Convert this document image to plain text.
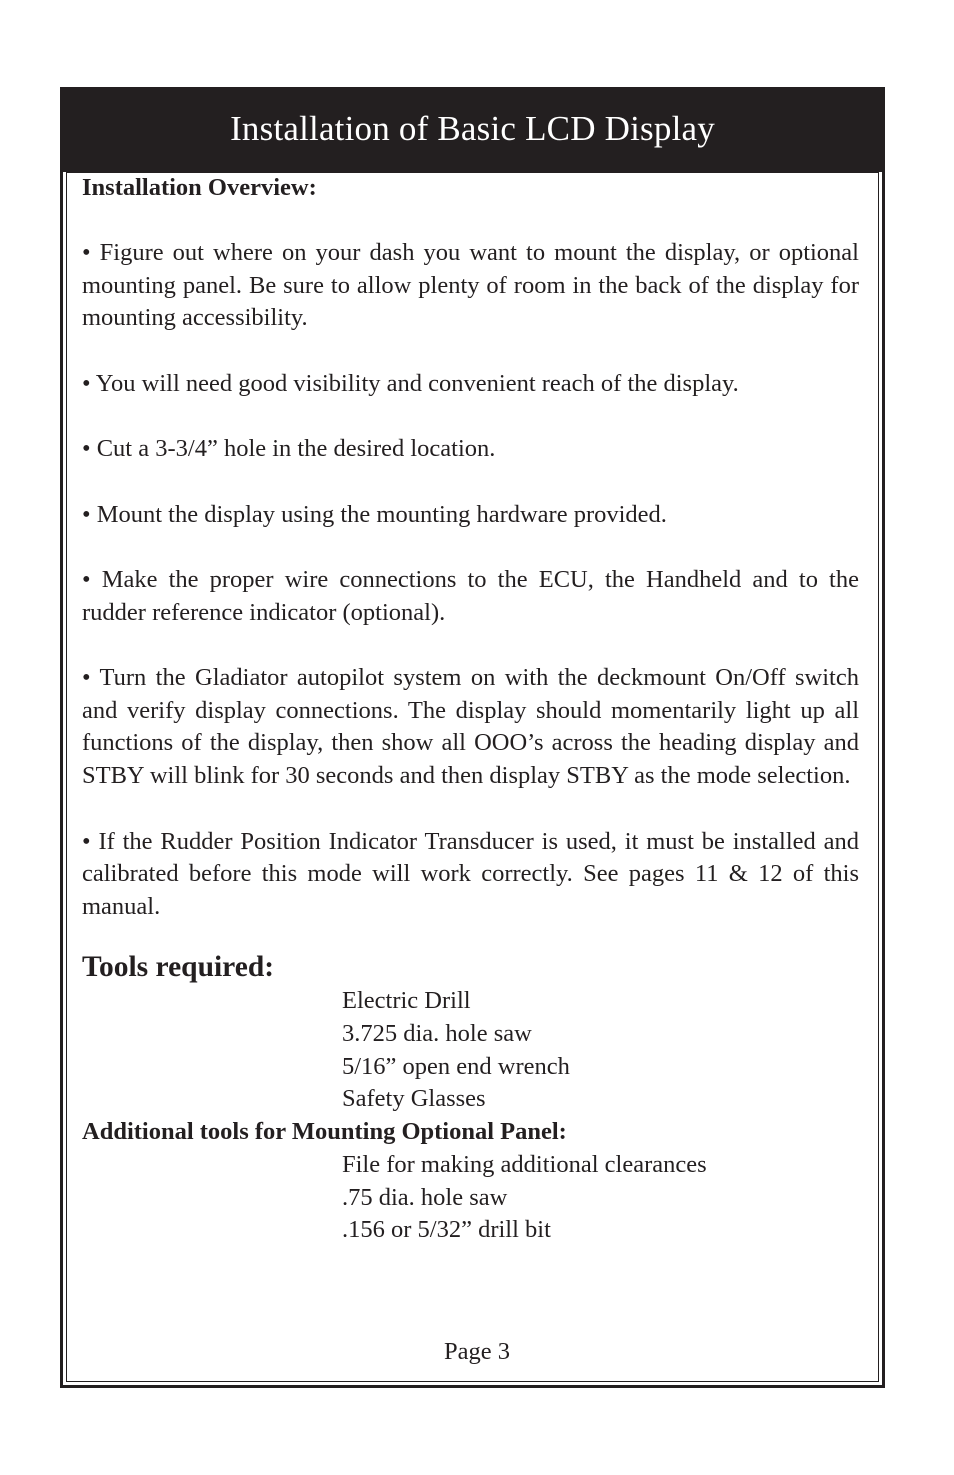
Installation of Basic LCD Display
Installation Overview:
• Figure out where on your dash you want to mount the display, or optional mounting panel. Be sure to allow plenty of room in the back of the display for mounting accessibility.
• You will need good visibility and convenient reach of the display.
• Cut a 3-3/4” hole in the desired location.
• Mount the display using the mounting hardware provided.
• Make the proper wire connections to the ECU, the Handheld and to the rudder reference indicator (optional).
• Turn the Gladiator autopilot system on with the deckmount On/Off switch and verify display connections. The display should momentarily light up all functions of the display, then show all OOO’s across the heading display and STBY will blink for 30 seconds and then display STBY as the mode selection.
• If the Rudder Position Indicator Transducer is used, it must be installed and calibrated before this mode will work correctly. See pages 11 & 12 of this manual.
Tools required:
Electric Drill
3.725 dia. hole saw
5/16” open end wrench
Safety Glasses
Additional tools for Mounting Optional Panel:
File for making additional clearances
.75 dia. hole saw
.156 or 5/32” drill bit
Page 3
